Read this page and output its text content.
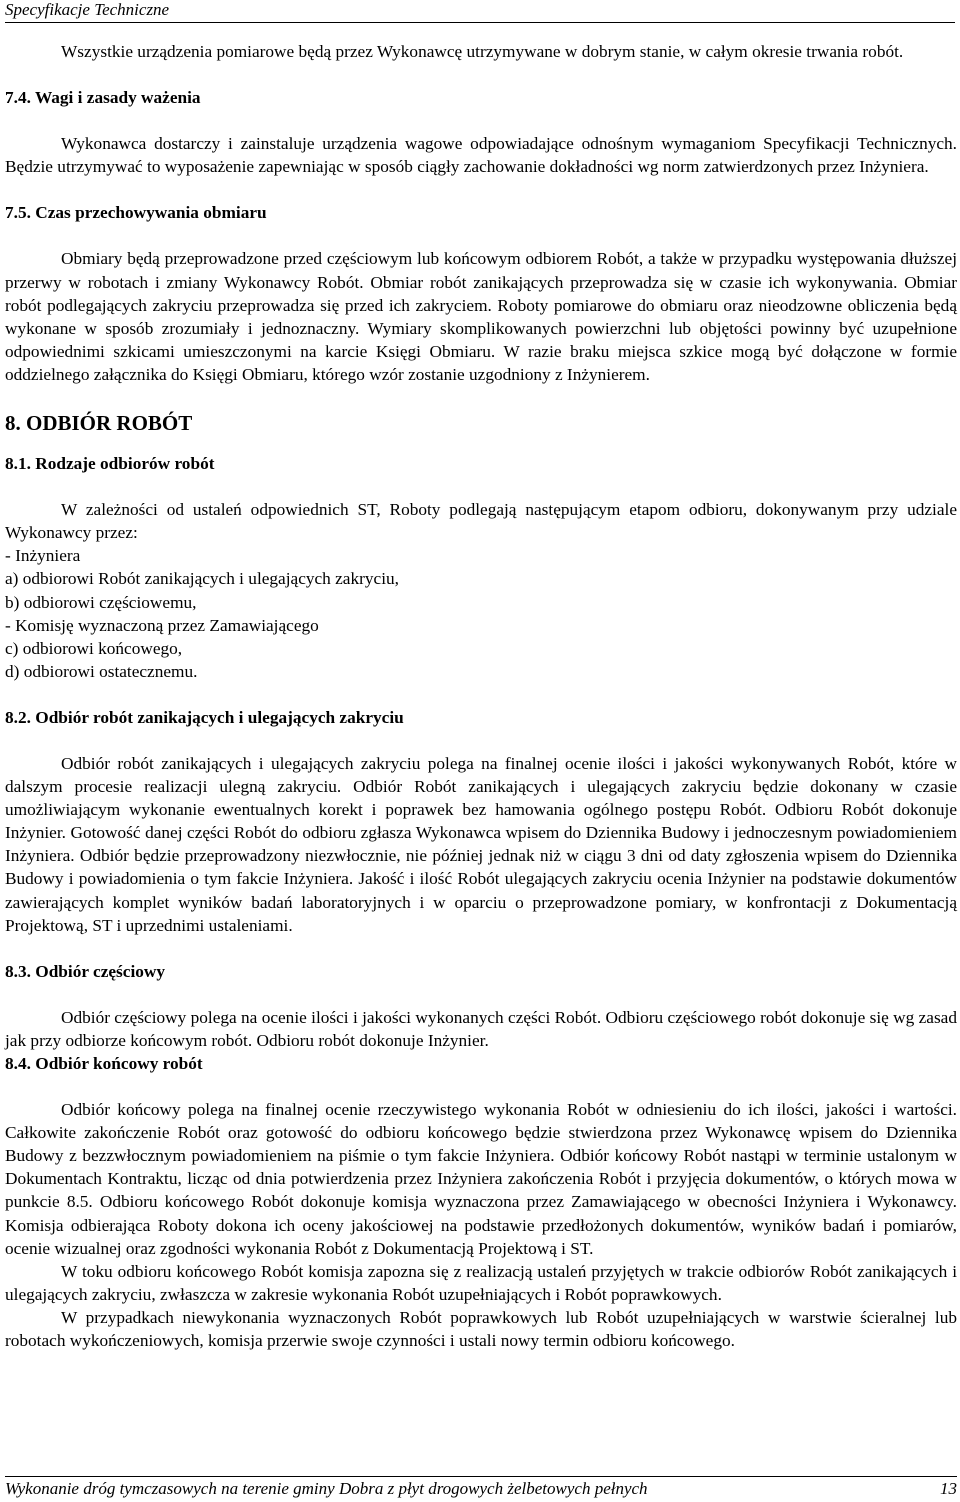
Specyfikacje Techniczne

Wszystkie urządzenia pomiarowe będą przez Wykonawcę utrzymywane w dobrym stanie, w całym okresie trwania robót.

7.4. Wagi i zasady ważenia

Wykonawca dostarczy i zainstaluje urządzenia wagowe odpowiadające odnośnym wymaganiom Specyfikacji Technicznych. Będzie utrzymywać to wyposażenie zapewniając w sposób ciągły zachowanie dokładności wg norm zatwierdzonych przez Inżyniera.

7.5. Czas przechowywania obmiaru

Obmiary będą przeprowadzone przed częściowym lub końcowym odbiorem Robót, a także w przypadku występowania dłuższej przerwy w robotach i zmiany Wykonawcy Robót. Obmiar robót zanikających przeprowadza się w czasie ich wykonywania. Obmiar robót podlegających zakryciu przeprowadza się przed ich zakryciem. Roboty pomiarowe do obmiaru oraz nieodzowne obliczenia będą wykonane w sposób zrozumiały i jednoznaczny. Wymiary skomplikowanych powierzchni lub objętości powinny być uzupełnione odpowiednimi szkicami umieszczonymi na karcie Księgi Obmiaru. W razie braku miejsca szkice mogą być dołączone w formie oddzielnego załącznika do Księgi Obmiaru, którego wzór zostanie uzgodniony z Inżynierem.

8. ODBIÓR ROBÓT

8.1. Rodzaje odbiorów robót

W zależności od ustaleń odpowiednich ST, Roboty podlegają następującym etapom odbioru, dokonywanym przy udziale Wykonawcy przez:

- Inżyniera
a) odbiorowi Robót zanikających i ulegających zakryciu,
b) odbiorowi częściowemu,
- Komisję wyznaczoną przez Zamawiającego
c) odbiorowi końcowego,
d) odbiorowi ostatecznemu.

8.2. Odbiór robót zanikających i ulegających zakryciu

Odbiór robót zanikających i ulegających zakryciu polega na finalnej ocenie ilości i jakości wykonywanych Robót, które w dalszym procesie realizacji ulegną zakryciu. Odbiór Robót zanikających i ulegających zakryciu będzie dokonany w czasie umożliwiającym wykonanie ewentualnych korekt i poprawek bez hamowania ogólnego postępu Robót. Odbioru Robót dokonuje Inżynier. Gotowość danej części Robót do odbioru zgłasza Wykonawca wpisem do Dziennika Budowy i jednoczesnym powiadomieniem Inżyniera. Odbiór będzie przeprowadzony niezwłocznie, nie później jednak niż w ciągu 3 dni od daty zgłoszenia wpisem do Dziennika Budowy i powiadomienia o tym fakcie Inżyniera. Jakość i ilość Robót ulegających zakryciu ocenia Inżynier na podstawie dokumentów zawierających komplet wyników badań laboratoryjnych i w oparciu o przeprowadzone pomiary, w konfrontacji z Dokumentacją Projektową, ST i uprzednimi ustaleniami.

8.3. Odbiór częściowy

Odbiór częściowy polega na ocenie ilości i jakości wykonanych części Robót. Odbioru częściowego robót dokonuje się wg zasad jak przy odbiorze końcowym robót. Odbioru robót dokonuje Inżynier.

8.4. Odbiór końcowy robót

Odbiór końcowy polega na finalnej ocenie rzeczywistego wykonania Robót w odniesieniu do ich ilości, jakości i wartości. Całkowite zakończenie Robót oraz gotowość do odbioru końcowego będzie stwierdzona przez Wykonawcę wpisem do Dziennika Budowy z bezzwłocznym powiadomieniem na piśmie o tym fakcie Inżyniera. Odbiór końcowy Robót nastąpi w terminie ustalonym w Dokumentach Kontraktu, licząc od dnia potwierdzenia przez Inżyniera zakończenia Robót i przyjęcia dokumentów, o których mowa w punkcie 8.5. Odbioru końcowego Robót dokonuje komisja wyznaczona przez Zamawiającego w obecności Inżyniera i Wykonawcy. Komisja odbierająca Roboty dokona ich oceny jakościowej na podstawie przedłożonych dokumentów, wyników badań i pomiarów, ocenie wizualnej oraz zgodności wykonania Robót z Dokumentacją Projektową i ST.

W toku odbioru końcowego Robót komisja zapozna się z realizacją ustaleń przyjętych w trakcie odbiorów Robót zanikających i ulegających zakryciu, zwłaszcza w zakresie wykonania Robót uzupełniających i Robót poprawkowych.

W przypadkach niewykonania wyznaczonych Robót poprawkowych lub Robót uzupełniających w warstwie ścieralnej lub robotach wykończeniowych, komisja przerwie swoje czynności i ustali nowy termin odbioru końcowego.

Wykonanie dróg tymczasowych na terenie gminy Dobra z płyt drogowych żelbetowych pełnych	13
